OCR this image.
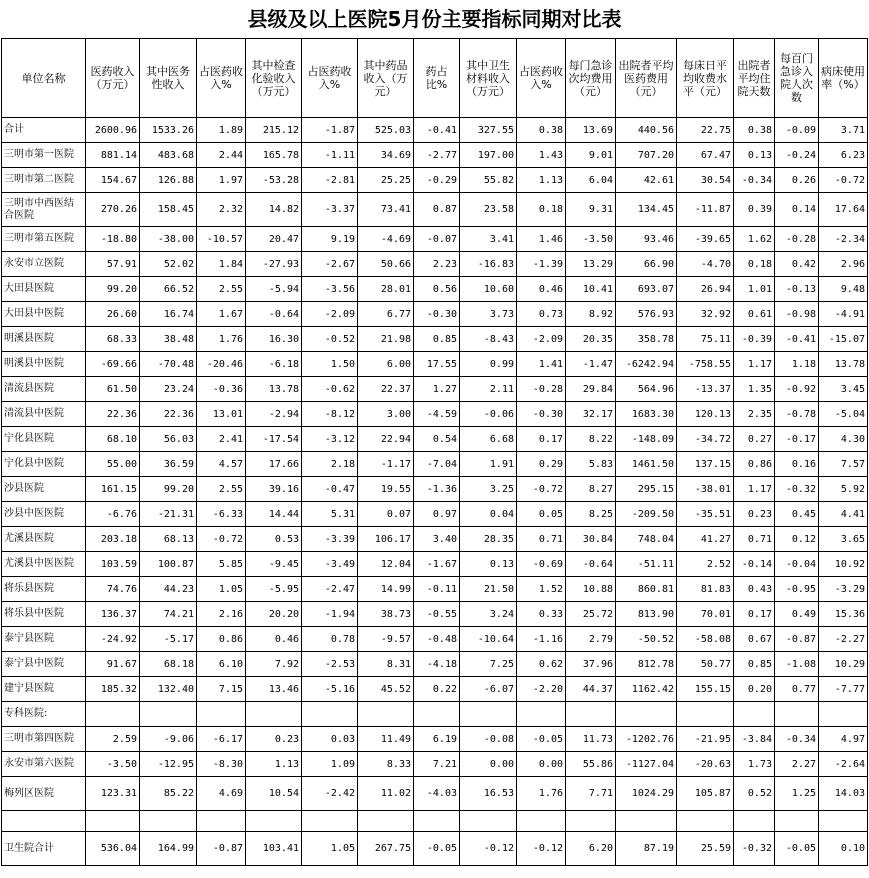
县级及以上医院5月份主要指标同期对比表
单位名称	医药收入（万元）	其中医务性收入	占医药收入%	其中检查化验收入（万元）	占医药收入%	其中药品收入（万元）	药占比%	其中卫生材料收入（万元）	占医药收入%	每门急诊次均费用（元）	出院者平均医药费用（元）	每床日平均收费水平（元）	出院者平均住院天数	每百门急诊入院人次数	病床使用率（%）
合计	2600.96	1533.26	1.89	215.12	-1.87	525.03	-0.41	327.55	0.38	13.69	440.56	22.75	0.38	-0.09	3.71
三明市第一医院	881.14	483.68	2.44	165.78	-1.11	34.69	-2.77	197.00	1.43	9.01	707.20	67.47	0.13	-0.24	6.23
三明市第二医院	154.67	126.88	1.97	-53.28	-2.81	25.25	-0.29	55.82	1.13	6.04	42.61	30.54	-0.34	0.26	-0.72
三明市中西医结合医院	270.26	158.45	2.32	14.82	-3.37	73.41	0.87	23.58	0.18	9.31	134.45	-11.87	0.39	0.14	17.64
三明市第五医院	-18.80	-38.00	-10.57	20.47	9.19	-4.69	-0.07	3.41	1.46	-3.50	93.46	-39.65	1.62	-0.28	-2.34
永安市立医院	57.91	52.02	1.84	-27.93	-2.67	50.66	2.23	-16.83	-1.39	13.29	66.90	-4.70	0.18	0.42	2.96
大田县医院	99.20	66.52	2.55	-5.94	-3.56	28.01	0.56	10.60	0.46	10.41	693.07	26.94	1.01	-0.13	9.48
大田县中医院	26.60	16.74	1.67	-0.64	-2.09	6.77	-0.30	3.73	0.73	8.92	576.93	32.92	0.61	-0.98	-4.91
明溪县医院	68.33	38.48	1.76	16.30	-0.52	21.98	0.85	-8.43	-2.09	20.35	358.78	75.11	-0.39	-0.41	-15.07
明溪县中医院	-69.66	-70.48	-20.46	-6.18	1.50	6.00	17.55	0.99	1.41	-1.47	-6242.94	-758.55	1.17	1.18	13.78
清流县医院	61.50	23.24	-0.36	13.78	-0.62	22.37	1.27	2.11	-0.28	29.84	564.96	-13.37	1.35	-0.92	3.45
清流县中医院	22.36	22.36	13.01	-2.94	-8.12	3.00	-4.59	-0.06	-0.30	32.17	1683.30	120.13	2.35	-0.78	-5.04
宁化县医院	68.10	56.03	2.41	-17.54	-3.12	22.94	0.54	6.68	0.17	8.22	-148.09	-34.72	0.27	-0.17	4.30
宁化县中医院	55.00	36.59	4.57	17.66	2.18	-1.17	-7.04	1.91	0.29	5.83	1461.50	137.15	0.86	0.16	7.57
沙县医院	161.15	99.20	2.55	39.16	-0.47	19.55	-1.36	3.25	-0.72	8.27	295.15	-38.01	1.17	-0.32	5.92
沙县中医医院	-6.76	-21.31	-6.33	14.44	5.31	0.07	0.97	0.04	0.05	8.25	-209.50	-35.51	0.23	0.45	4.41
尤溪县医院	203.18	68.13	-0.72	0.53	-3.39	106.17	3.40	28.35	0.71	30.84	748.04	41.27	0.71	0.12	3.65
尤溪县中医医院	103.59	100.87	5.85	-9.45	-3.49	12.04	-1.67	0.13	-0.69	-0.64	-51.11	2.52	-0.14	-0.04	10.92
将乐县医院	74.76	44.23	1.05	-5.95	-2.47	14.99	-0.11	21.50	1.52	10.88	860.81	81.83	0.43	-0.95	-3.29
将乐县中医院	136.37	74.21	2.16	20.20	-1.94	38.73	-0.55	3.24	0.33	25.72	813.90	70.01	0.17	0.49	15.36
泰宁县医院	-24.92	-5.17	0.86	0.46	0.78	-9.57	-0.48	-10.64	-1.16	2.79	-50.52	-58.08	0.67	-0.87	-2.27
泰宁县中医院	91.67	68.18	6.10	7.92	-2.53	8.31	-4.18	7.25	0.62	37.96	812.78	50.77	0.85	-1.08	10.29
建宁县医院	185.32	132.40	7.15	13.46	-5.16	45.52	0.22	-6.07	-2.20	44.37	1162.42	155.15	0.20	0.77	-7.77
专科医院:															
三明市第四医院	2.59	-9.06	-6.17	0.23	0.03	11.49	6.19	-0.08	-0.05	11.73	-1202.76	-21.95	-3.84	-0.34	4.97
永安市第六医院	-3.50	-12.95	-8.30	1.13	1.09	8.33	7.21	0.00	0.00	55.86	-1127.04	-20.63	1.73	2.27	-2.64
梅列区医院	123.31	85.22	4.69	10.54	-2.42	11.02	-4.03	16.53	1.76	7.71	1024.29	105.87	0.52	1.25	14.03

卫生院合计	536.04	164.99	-0.87	103.41	1.05	267.75	-0.05	-0.12	-0.12	6.20	87.19	25.59	-0.32	-0.05	0.10
